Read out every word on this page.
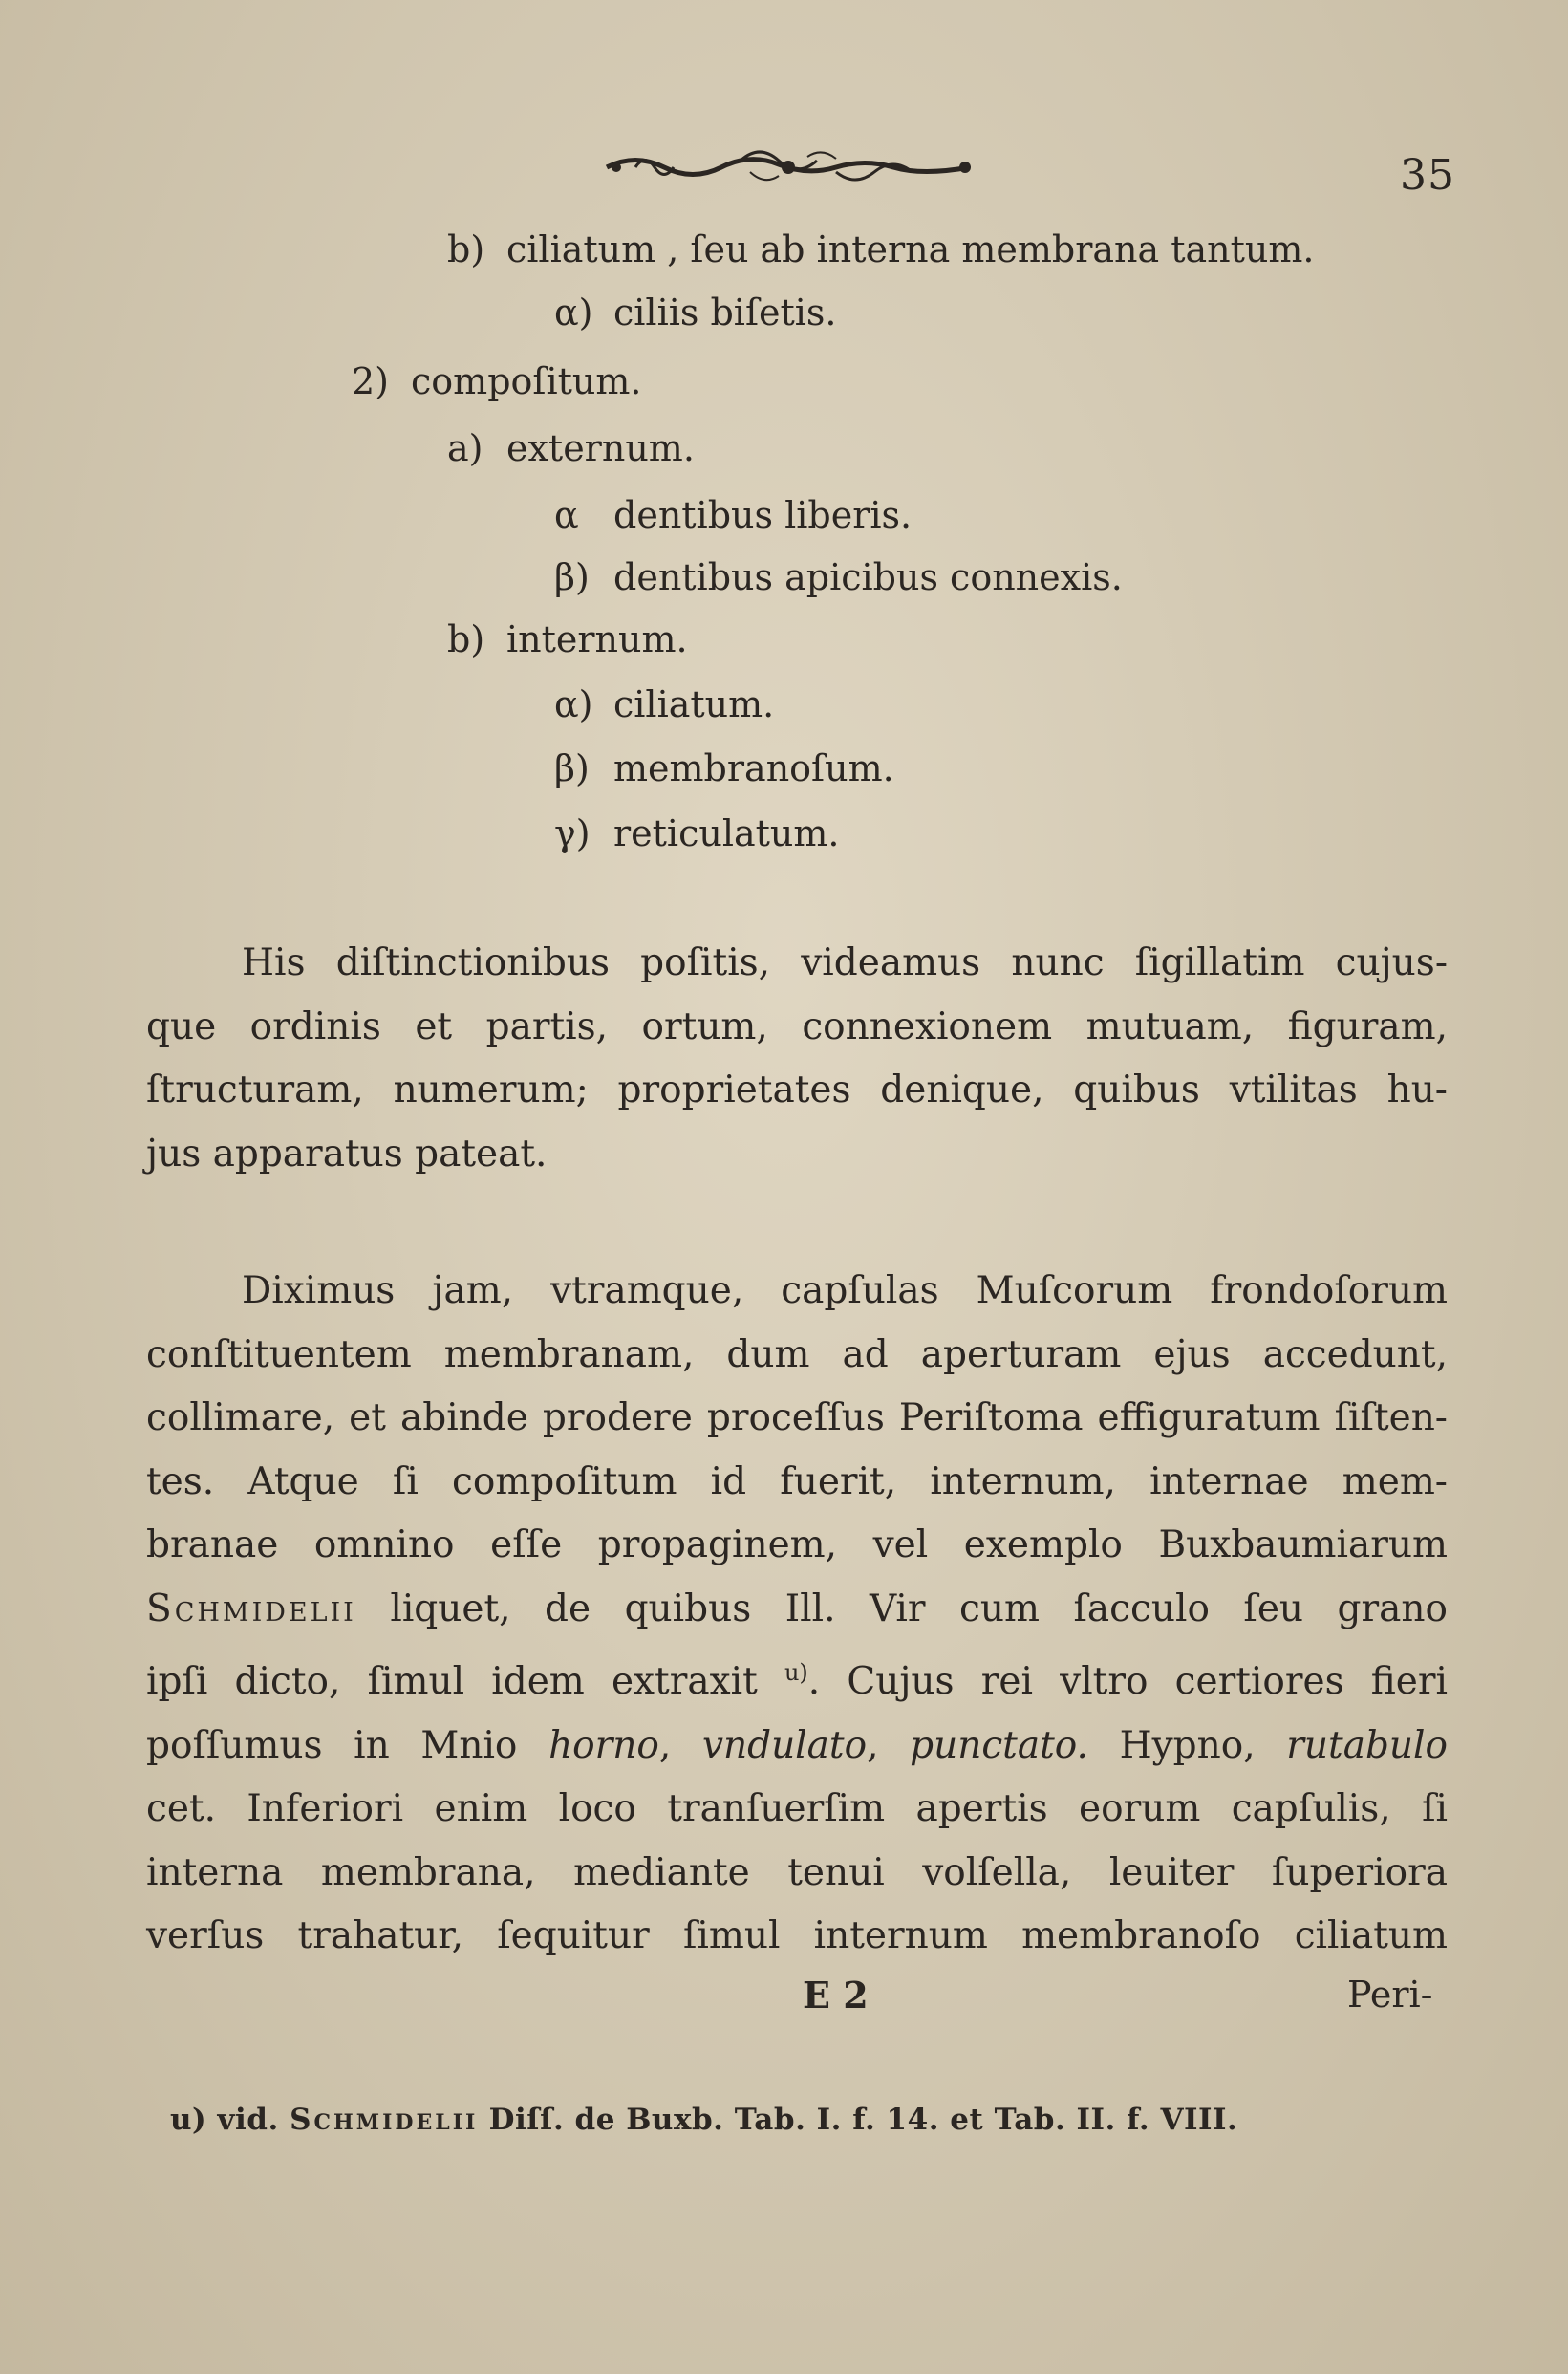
35
b) ciliatum , ſeu ab interna membrana tantum.
α) ciliis biſetis.
2) compoſitum.
a) externum.
α dentibus liberis.
β) dentibus apicibus connexis.
b) internum.
α) ciliatum.
β) membranoſum.
γ) reticulatum.
His diſtinctionibus poſitis, videamus nunc ſigillatim cujus-
que ordinis et partis, ortum, connexionem mutuam, figuram,
ſtructuram, numerum; proprietates denique, quibus vtilitas hu-
jus apparatus pateat.
Diximus jam, vtramque, capſulas Muſcorum frondoſorum
conſtituentem membranam, dum ad aperturam ejus accedunt,
collimare, et abinde prodere proceſſus Periſtoma effiguratum ſiſten-
tes. Atque ſi compoſitum id fuerit, internum, internae mem-
branae omnino eſſe propaginem, vel exemplo Buxbaumiarum
Schmidelii liquet, de quibus Ill. Vir cum ſacculo ſeu grano
ipſi dicto, ſimul idem extraxit $^{u)}$. Cujus rei vltro certiores fieri
poſſumus in Mnio horno, vndulato, punctato. Hypno, rutabulo
cet. Inferiori enim loco tranſuerſim apertis eorum capſulis, ſi
interna membrana, mediante tenui volſella, leuiter ſuperiora
verſus trahatur, ſequitur ſimul internum membranoſo ciliatum
E 2	Peri-
u) vid. Schmidelii Diſſ. de Buxb. Tab. I. f. 14. et Tab. II. f. VIII.
